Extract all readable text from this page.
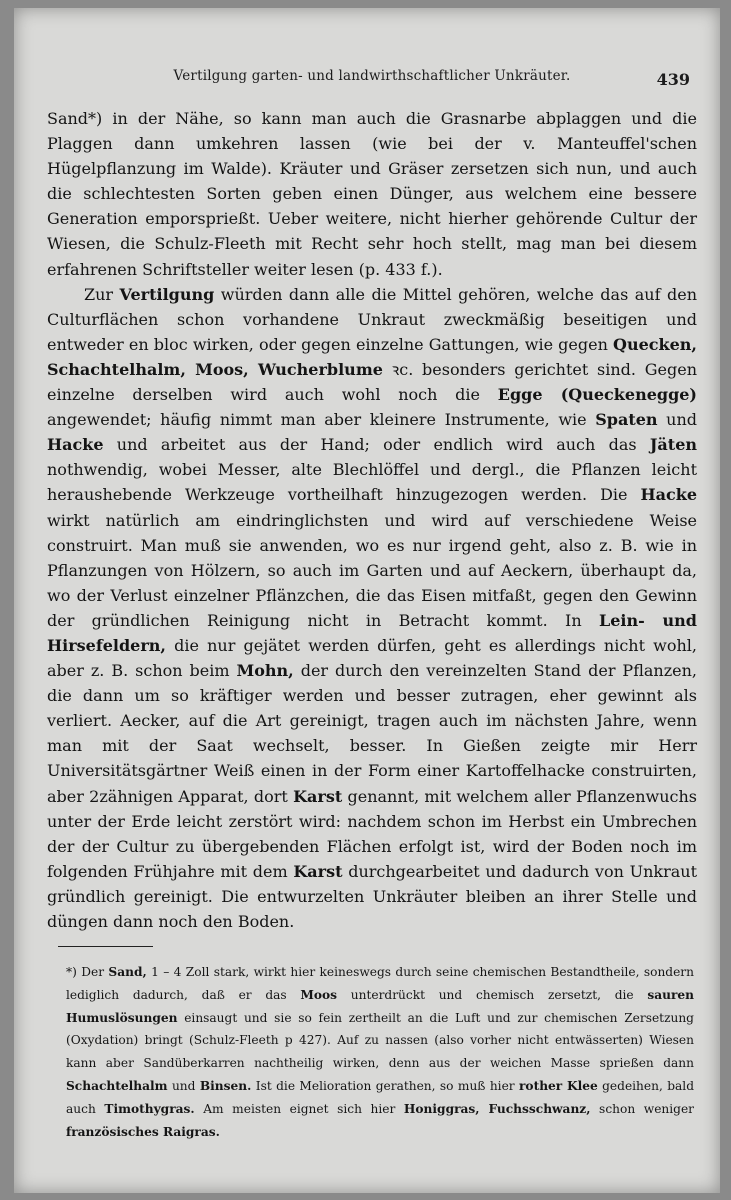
Vertilgung garten- und landwirthschaftlicher Unkräuter.	439

Sand*) in der Nähe, so kann man auch die Grasnarbe abplaggen und die Plaggen dann umkehren lassen (wie bei der v. Manteuffel'schen Hügelpflanzung im Walde). Kräuter und Gräser zersetzen sich nun, und auch die schlechtesten Sorten geben einen Dünger, aus welchem eine bessere Generation emporsprießt. Ueber weitere, nicht hierher gehörende Cultur der Wiesen, die Schulz-Fleeth mit Recht sehr hoch stellt, mag man bei diesem erfahrenen Schriftsteller weiter lesen (p. 433 f.).

Zur Vertilgung würden dann alle die Mittel gehören, welche das auf den Culturflächen schon vorhandene Unkraut zweckmäßig beseitigen und entweder en bloc wirken, oder gegen einzelne Gattungen, wie gegen Quecken, Schachtelhalm, Moos, Wucherblume ꝛc. besonders gerichtet sind. Gegen einzelne derselben wird auch wohl noch die Egge (Queckenegge) angewendet; häufig nimmt man aber kleinere Instrumente, wie Spaten und Hacke und arbeitet aus der Hand; oder endlich wird auch das Jäten nothwendig, wobei Messer, alte Blechlöffel und dergl., die Pflanzen leicht heraushebende Werkzeuge vortheilhaft hinzugezogen werden. Die Hacke wirkt natürlich am eindringlichsten und wird auf verschiedene Weise construirt. Man muß sie anwenden, wo es nur irgend geht, also z. B. wie in Pflanzungen von Hölzern, so auch im Garten und auf Aeckern, überhaupt da, wo der Verlust einzelner Pflänzchen, die das Eisen mitfaßt, gegen den Gewinn der gründlichen Reinigung nicht in Betracht kommt. In Lein- und Hirsefeldern, die nur gejätet werden dürfen, geht es allerdings nicht wohl, aber z. B. schon beim Mohn, der durch den vereinzelten Stand der Pflanzen, die dann um so kräftiger werden und besser zutragen, eher gewinnt als verliert. Aecker, auf die Art gereinigt, tragen auch im nächsten Jahre, wenn man mit der Saat wechselt, besser. In Gießen zeigte mir Herr Universitätsgärtner Weiß einen in der Form einer Kartoffelhacke construirten, aber 2zähnigen Apparat, dort Karst genannt, mit welchem aller Pflanzenwuchs unter der Erde leicht zerstört wird: nachdem schon im Herbst ein Umbrechen der der Cultur zu übergebenden Flächen erfolgt ist, wird der Boden noch im folgenden Frühjahre mit dem Karst durchgearbeitet und dadurch von Unkraut gründlich gereinigt. Die entwurzelten Unkräuter bleiben an ihrer Stelle und düngen dann noch den Boden.

*) Der Sand, 1 – 4 Zoll stark, wirkt hier keineswegs durch seine chemischen Bestandtheile, sondern lediglich dadurch, daß er das Moos unterdrückt und chemisch zersetzt, die sauren Humuslösungen einsaugt und sie so fein zertheilt an die Luft und zur chemischen Zersetzung (Oxydation) bringt (Schulz-Fleeth p 427). Auf zu nassen (also vorher nicht entwässerten) Wiesen kann aber Sandüberkarren nachtheilig wirken, denn aus der weichen Masse sprießen dann Schachtelhalm und Binsen. Ist die Melioration gerathen, so muß hier rother Klee gedeihen, bald auch Timothygras. Am meisten eignet sich hier Honiggras, Fuchsschwanz, schon weniger französisches Raigras.
